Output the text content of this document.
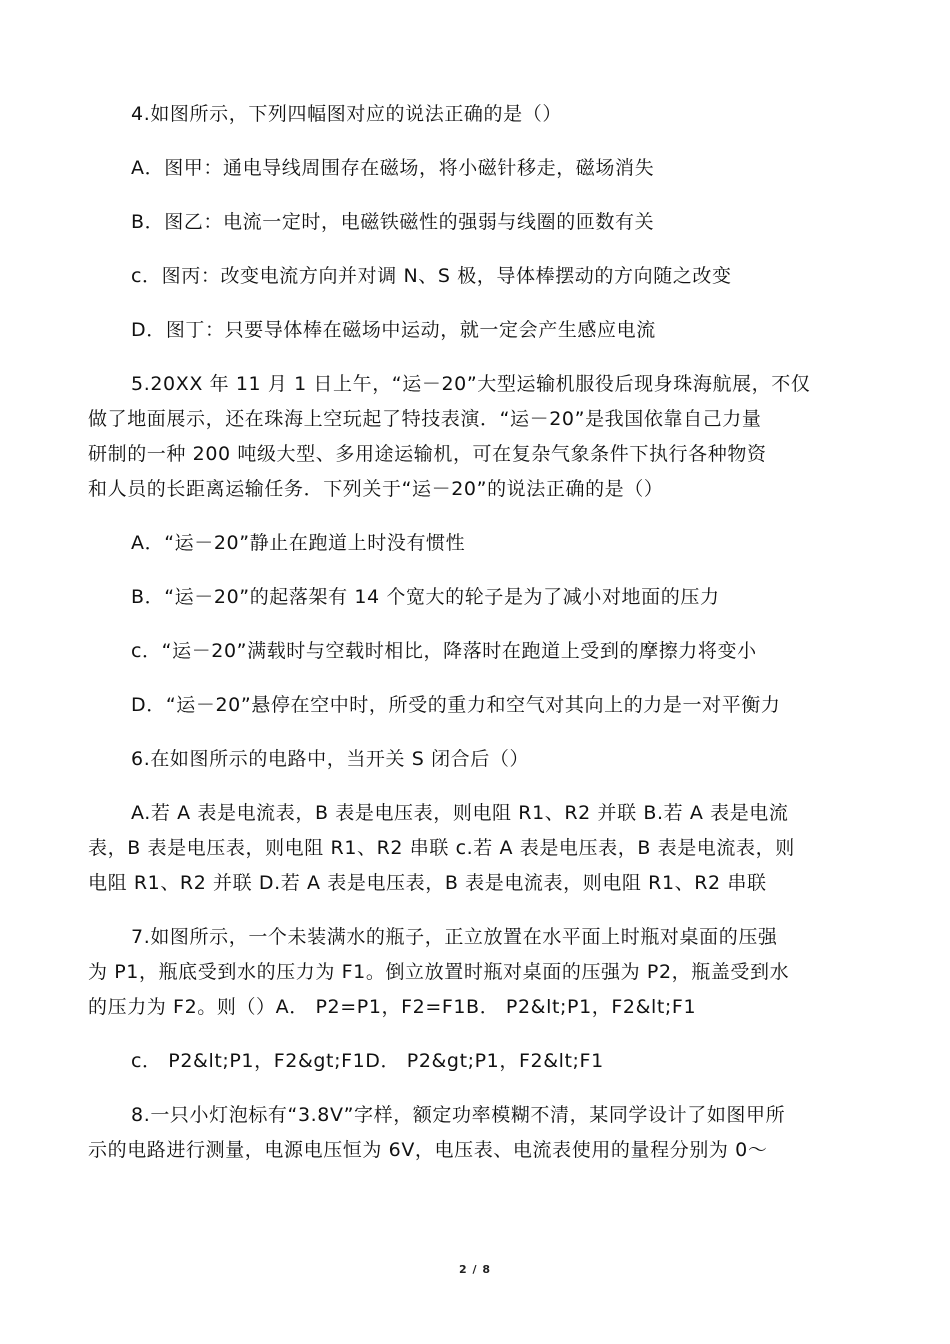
4.如图所示，下列四幅图对应的说法正确的是（）
A．图甲：通电导线周围存在磁场，将小磁针移走，磁场消失
B．图乙：电流一定时，电磁铁磁性的强弱与线圈的匝数有关
c．图丙：改变电流方向并对调 N、S 极，导体棒摆动的方向随之改变
D．图丁：只要导体棒在磁场中运动，就一定会产生感应电流
5.20XX 年 11 月 1 日上午，“运－20”大型运输机服役后现身珠海航展，不仅
做了地面展示，还在珠海上空玩起了特技表演．“运－20”是我国依靠自己力量
研制的一种 200 吨级大型、多用途运输机，可在复杂气象条件下执行各种物资
和人员的长距离运输任务．下列关于“运－20”的说法正确的是（）
A．“运－20”静止在跑道上时没有惯性
B．“运－20”的起落架有 14 个宽大的轮子是为了减小对地面的压力
c．“运－20”满载时与空载时相比，降落时在跑道上受到的摩擦力将变小
D．“运－20”悬停在空中时，所受的重力和空气对其向上的力是一对平衡力
6.在如图所示的电路中，当开关 S 闭合后（）
A.若 A 表是电流表，B 表是电压表，则电阻 R1、R2 并联 B.若 A 表是电流
表，B 表是电压表，则电阻 R1、R2 串联 c.若 A 表是电压表，B 表是电流表，则
电阻 R1、R2 并联 D.若 A 表是电压表，B 表是电流表，则电阻 R1、R2 串联
7.如图所示，一个未装满水的瓶子，正立放置在水平面上时瓶对桌面的压强
为 P1，瓶底受到水的压力为 F1。倒立放置时瓶对桌面的压强为 P2，瓶盖受到水
的压力为 F2。则（）A． P2=P1，F2=F1B． P2&lt;P1，F2&lt;F1
c． P2&lt;P1，F2&gt;F1D． P2&gt;P1，F2&lt;F1
8.一只小灯泡标有“3.8V”字样，额定功率模糊不清，某同学设计了如图甲所
示的电路进行测量，电源电压恒为 6V，电压表、电流表使用的量程分别为 0～
2 / 8
